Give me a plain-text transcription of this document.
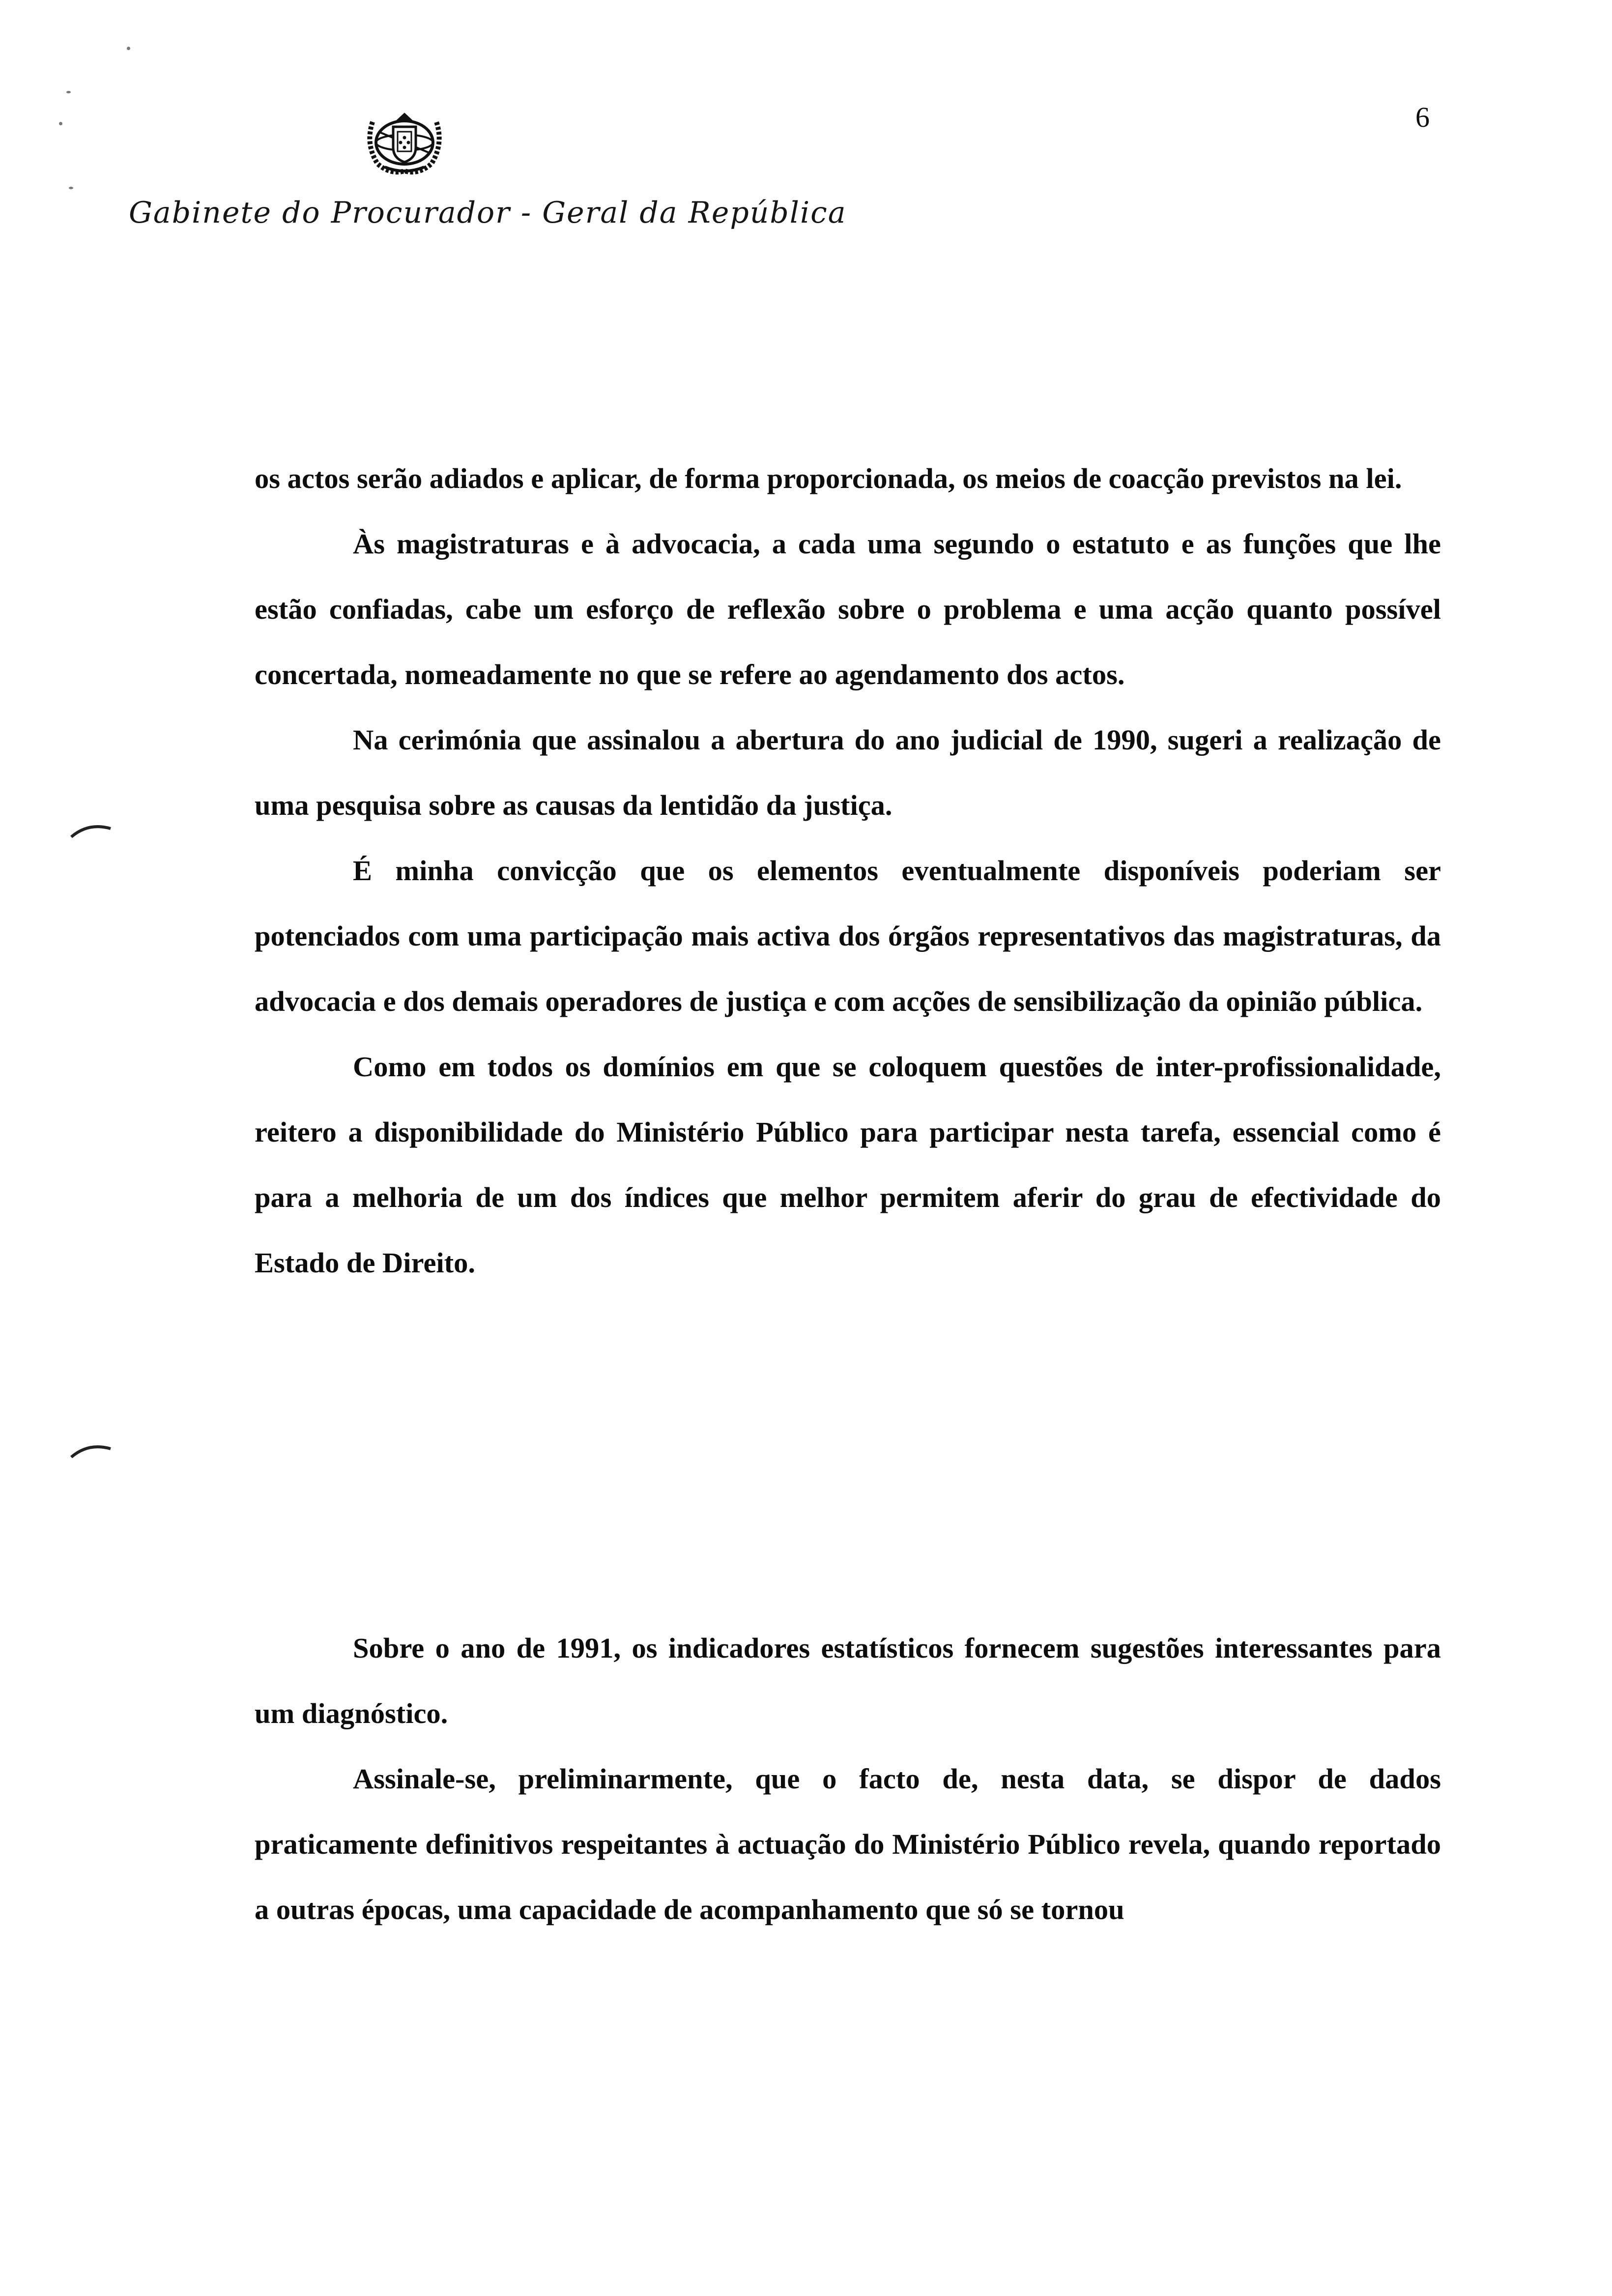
6
Gabinete do Procurador - Geral da República

os actos serão adiados e aplicar, de forma proporcionada, os meios de coacção previstos na lei.

Às magistraturas e à advocacia, a cada uma segundo o estatuto e as funções que lhe estão confiadas, cabe um esforço de reflexão sobre o problema e uma acção quanto possível concertada, nomeadamente no que se refere ao agendamento dos actos.

Na cerimónia que assinalou a abertura do ano judicial de 1990, sugeri a realização de uma pesquisa sobre as causas da lentidão da justiça.

É minha convicção que os elementos eventualmente disponíveis poderiam ser potenciados com uma participação mais activa dos órgãos representativos das magistraturas, da advocacia e dos demais operadores de justiça e com acções de sensibilização da opinião pública.

Como em todos os domínios em que se coloquem questões de inter-profissionalidade, reitero a disponibilidade do Ministério Público para participar nesta tarefa, essencial como é para a melhoria de um dos índices que melhor permitem aferir do grau de efectividade do Estado de Direito.

Sobre o ano de 1991, os indicadores estatísticos fornecem sugestões interessantes para um diagnóstico.

Assinale-se, preliminarmente, que o facto de, nesta data, se dispor de dados praticamente definitivos respeitantes à actuação do Ministério Público revela, quando reportado a outras épocas, uma capacidade de acompanhamento que só se tornou
